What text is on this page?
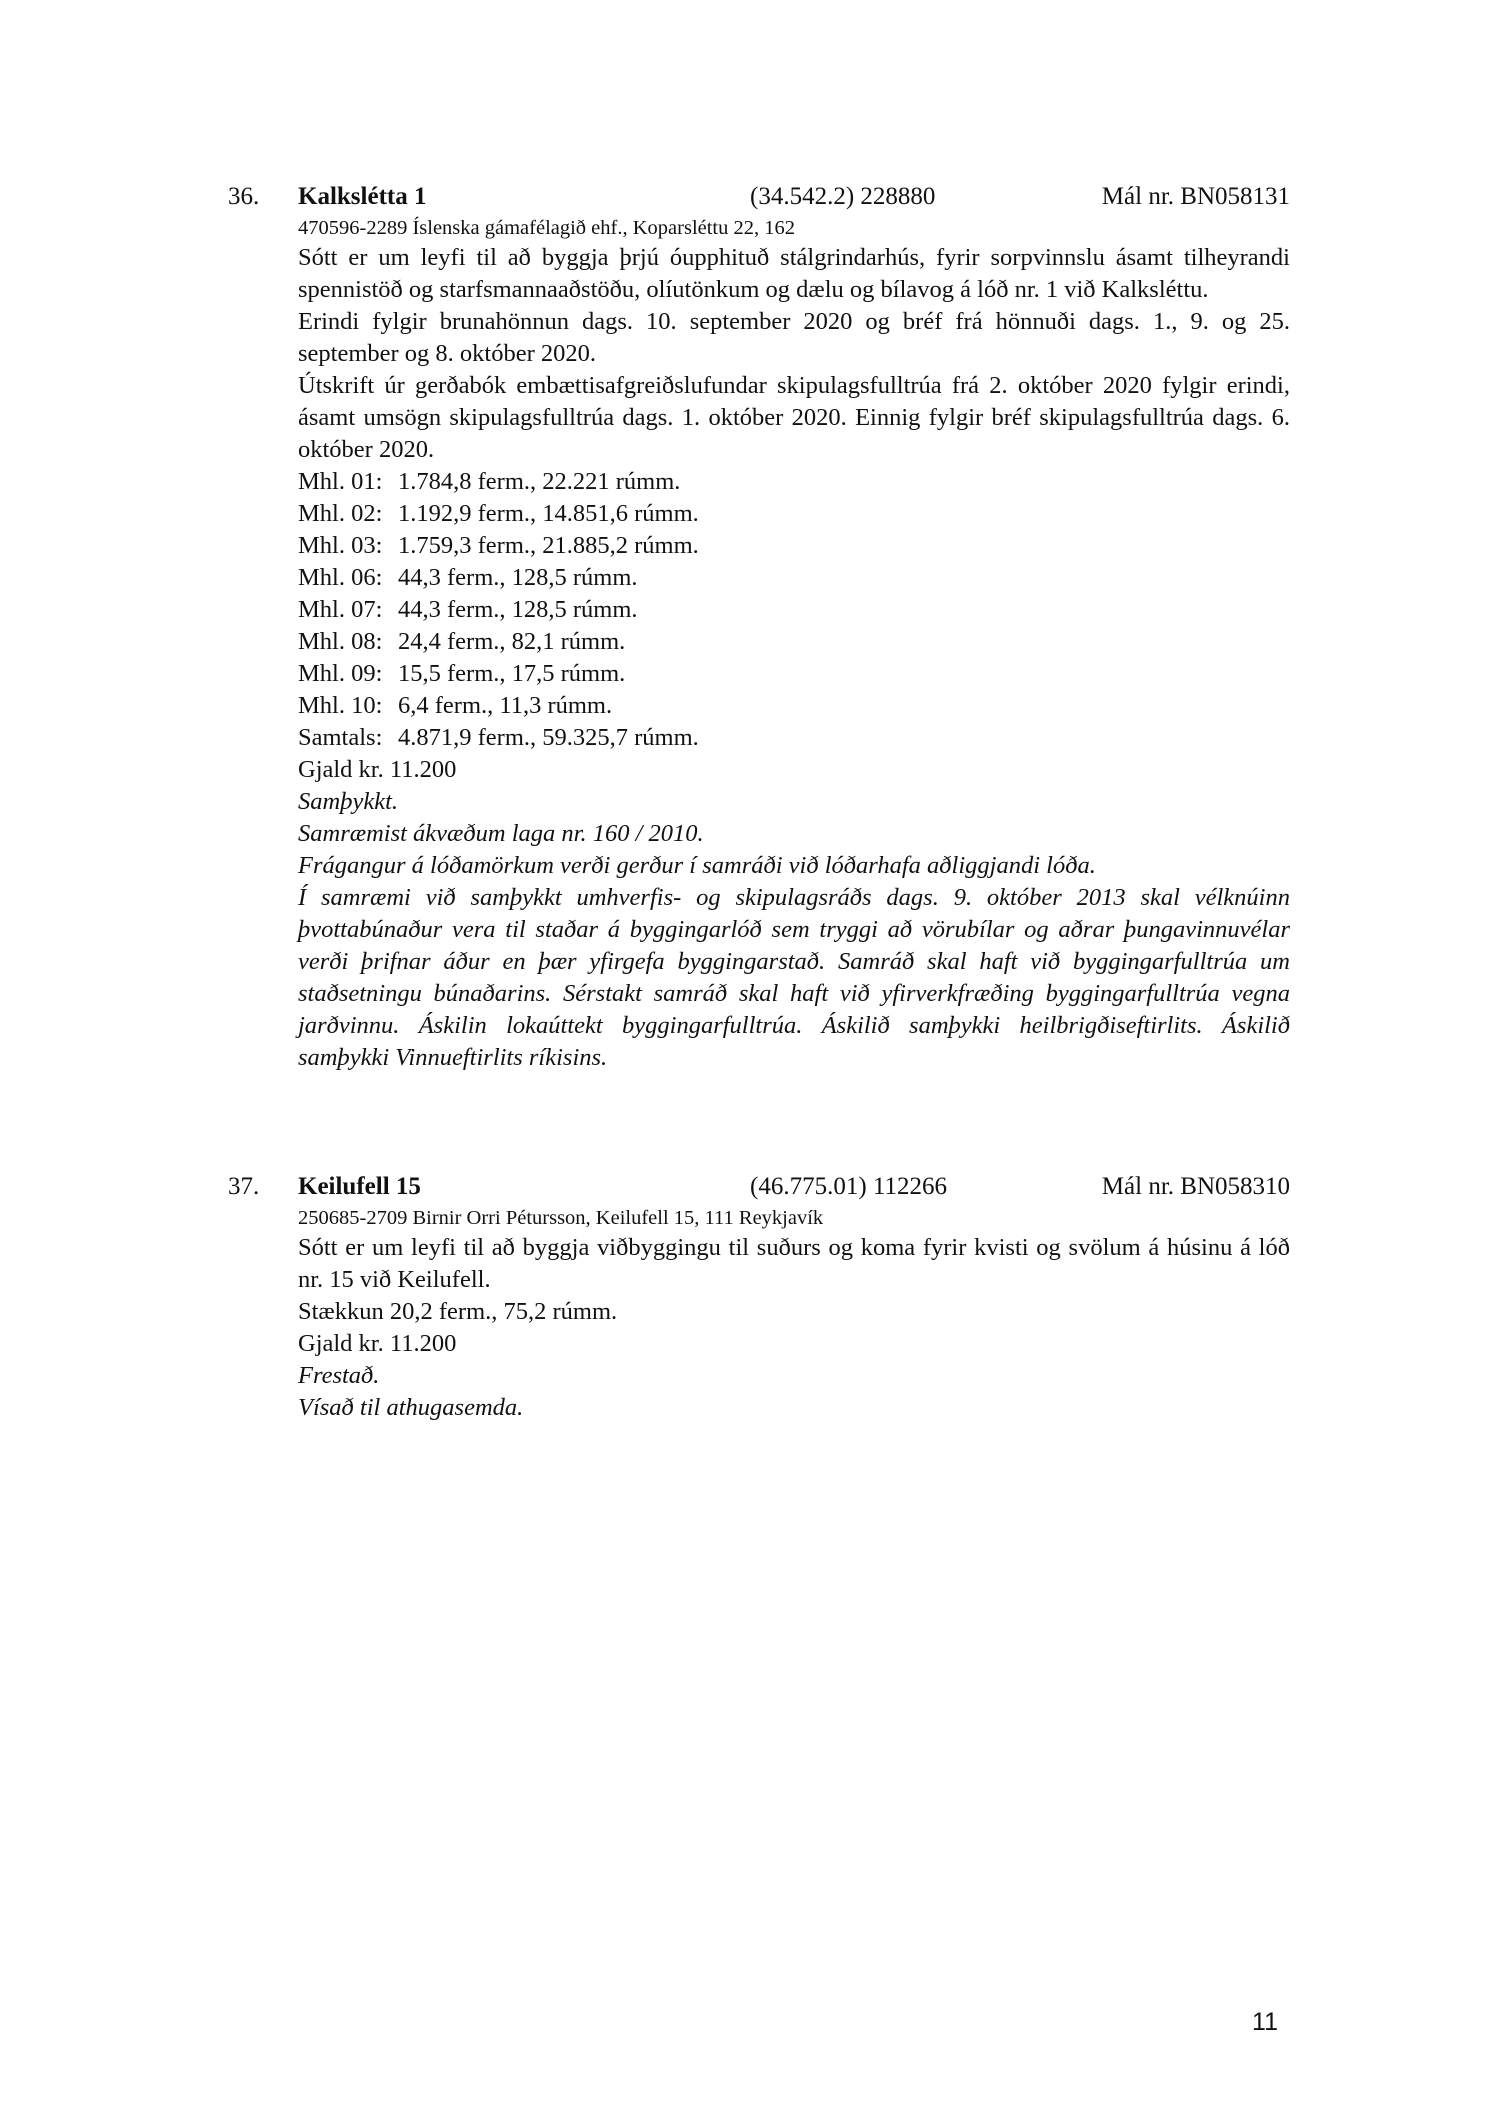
36. Kalkslétta 1	(34.542.2) 228880	Mál nr. BN058131

470596-2289 Íslenska gámafélagið ehf., Koparsléttu 22, 162

Sótt er um leyfi til að byggja þrjú óupphituð stálgrindarhús, fyrir sorpvinnslu ásamt tilheyrandi spennistöð og starfsmannaaðstöðu, olíutönkum og dælu og bílavog á lóð nr. 1 við Kalksléttu.

Erindi fylgir brunahönnun dags. 10. september 2020 og bréf frá hönnuði dags. 1., 9. og 25. september og 8. október 2020.

Útskrift úr gerðabók embættisafgreiðslufundar skipulagsfulltrúa frá 2. október 2020 fylgir erindi, ásamt umsögn skipulagsfulltrúa dags. 1. október 2020. Einnig fylgir bréf skipulagsfulltrúa dags. 6. október 2020.

Mhl. 01: 1.784,8 ferm., 22.221 rúmm.
Mhl. 02: 1.192,9 ferm., 14.851,6 rúmm.
Mhl. 03: 1.759,3 ferm., 21.885,2 rúmm.
Mhl. 06: 44,3 ferm., 128,5 rúmm.
Mhl. 07: 44,3 ferm., 128,5 rúmm.
Mhl. 08: 24,4 ferm., 82,1 rúmm.
Mhl. 09: 15,5 ferm., 17,5 rúmm.
Mhl. 10: 6,4 ferm., 11,3 rúmm.
Samtals: 4.871,9 ferm., 59.325,7 rúmm.

Gjald kr. 11.200

Samþykkt.

Samræmist ákvæðum laga nr. 160 / 2010.

Frágangur á lóðamörkum verði gerður í samráði við lóðarhafa aðliggjandi lóða.

Í samræmi við samþykkt umhverfis- og skipulagsráðs dags. 9. október 2013 skal vélknúinn þvottabúnaður vera til staðar á byggingarlóð sem tryggi að vörubílar og aðrar þungavinnuvélar verði þrifnar áður en þær yfirgefa byggingarstað. Samráð skal haft við byggingarfulltrúa um staðsetningu búnaðarins. Sérstakt samráð skal haft við yfirverkfræðing byggingarfulltrúa vegna jarðvinnu. Áskilin lokaúttekt byggingarfulltrúa. Áskilið samþykki heilbrigðiseftirlits. Áskilið samþykki Vinnueftirlits ríkisins.

37. Keilufell 15	(46.775.01) 112266	Mál nr. BN058310

250685-2709 Birnir Orri Pétursson, Keilufell 15, 111 Reykjavík

Sótt er um leyfi til að byggja viðbyggingu til suðurs og koma fyrir kvisti og svölum á húsinu á lóð nr. 15 við Keilufell.

Stækkun 20,2 ferm., 75,2 rúmm.

Gjald kr. 11.200

Frestað.

Vísað til athugasemda.

11
